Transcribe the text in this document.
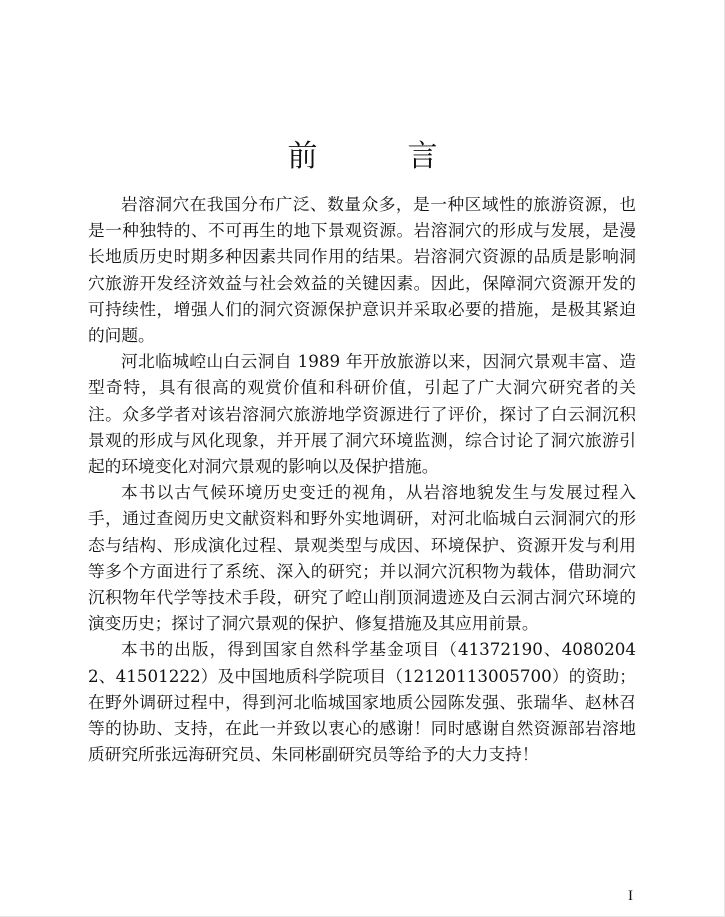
前　言

岩溶洞穴在我国分布广泛、数量众多，是一种区域性的旅游资源，也是一种独特的、不可再生的地下景观资源。岩溶洞穴的形成与发展，是漫长地质历史时期多种因素共同作用的结果。岩溶洞穴资源的品质是影响洞穴旅游开发经济效益与社会效益的关键因素。因此，保障洞穴资源开发的可持续性，增强人们的洞穴资源保护意识并采取必要的措施，是极其紧迫的问题。

河北临城崆山白云洞自 1989 年开放旅游以来，因洞穴景观丰富、造型奇特，具有很高的观赏价值和科研价值，引起了广大洞穴研究者的关注。众多学者对该岩溶洞穴旅游地学资源进行了评价，探讨了白云洞沉积景观的形成与风化现象，并开展了洞穴环境监测，综合讨论了洞穴旅游引起的环境变化对洞穴景观的影响以及保护措施。

本书以古气候环境历史变迁的视角，从岩溶地貌发生与发展过程入手，通过查阅历史文献资料和野外实地调研，对河北临城白云洞洞穴的形态与结构、形成演化过程、景观类型与成因、环境保护、资源开发与利用等多个方面进行了系统、深入的研究；并以洞穴沉积物为载体，借助洞穴沉积物年代学等技术手段，研究了崆山削顶洞遗迹及白云洞古洞穴环境的演变历史；探讨了洞穴景观的保护、修复措施及其应用前景。

本书的出版，得到国家自然科学基金项目（41372190、40802042、41501222）及中国地质科学院项目（12120113005700）的资助；在野外调研过程中，得到河北临城国家地质公园陈发强、张瑞华、赵林召等的协助、支持，在此一并致以衷心的感谢！同时感谢自然资源部岩溶地质研究所张远海研究员、朱同彬副研究员等给予的大力支持！

I
